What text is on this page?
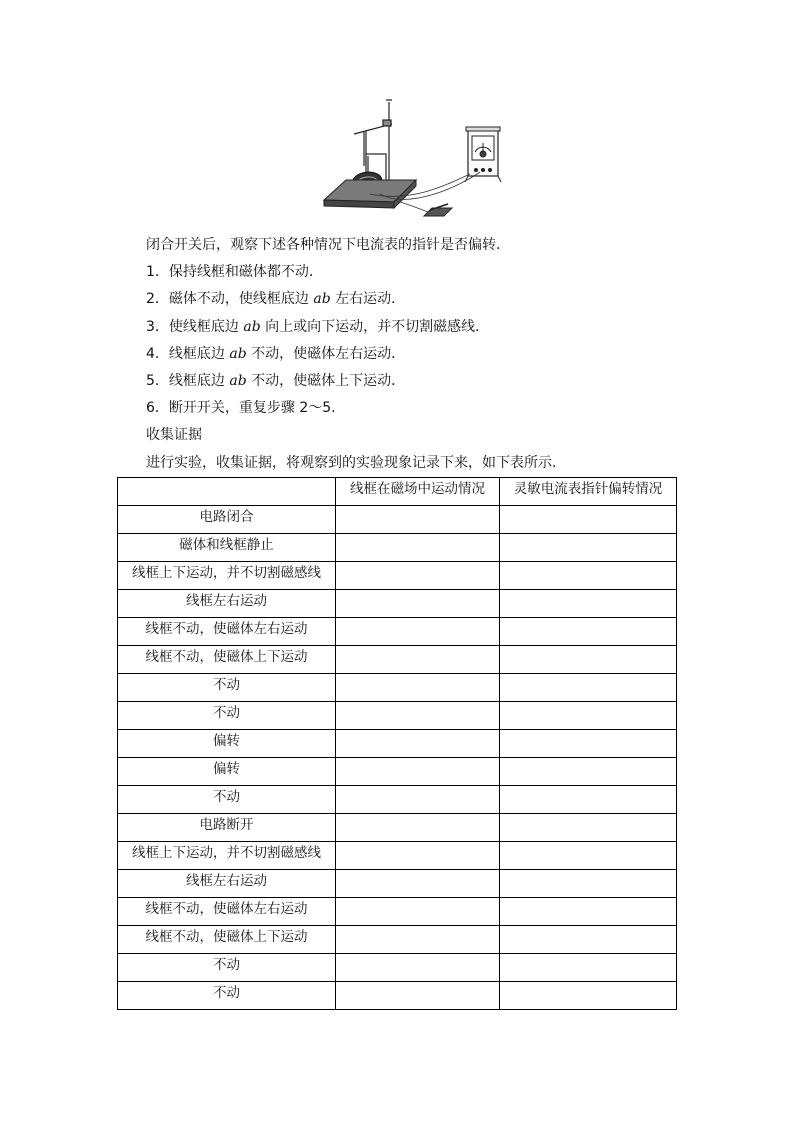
闭合开关后，观察下述各种情况下电流表的指针是否偏转．
1．保持线框和磁体都不动．
2．磁体不动，使线框底边 ab 左右运动．
3．使线框底边 ab 向上或向下运动，并不切割磁感线．
4．线框底边 ab 不动，使磁体左右运动．
5．线框底边 ab 不动，使磁体上下运动．
6．断开开关，重复步骤 2～5.
收集证据
进行实验，收集证据，将观察到的实验现象记录下来，如下表所示.
	线框在磁场中运动情况	灵敏电流表指针偏转情况
电路闭合		
磁体和线框静止		
线框上下运动，并不切割磁感线		
线框左右运动		
线框不动，使磁体左右运动		
线框不动，使磁体上下运动		
不动		
不动		
偏转		
偏转		
不动		
电路断开		
线框上下运动，并不切割磁感线		
线框左右运动		
线框不动，使磁体左右运动		
线框不动，使磁体上下运动		
不动		
不动		
